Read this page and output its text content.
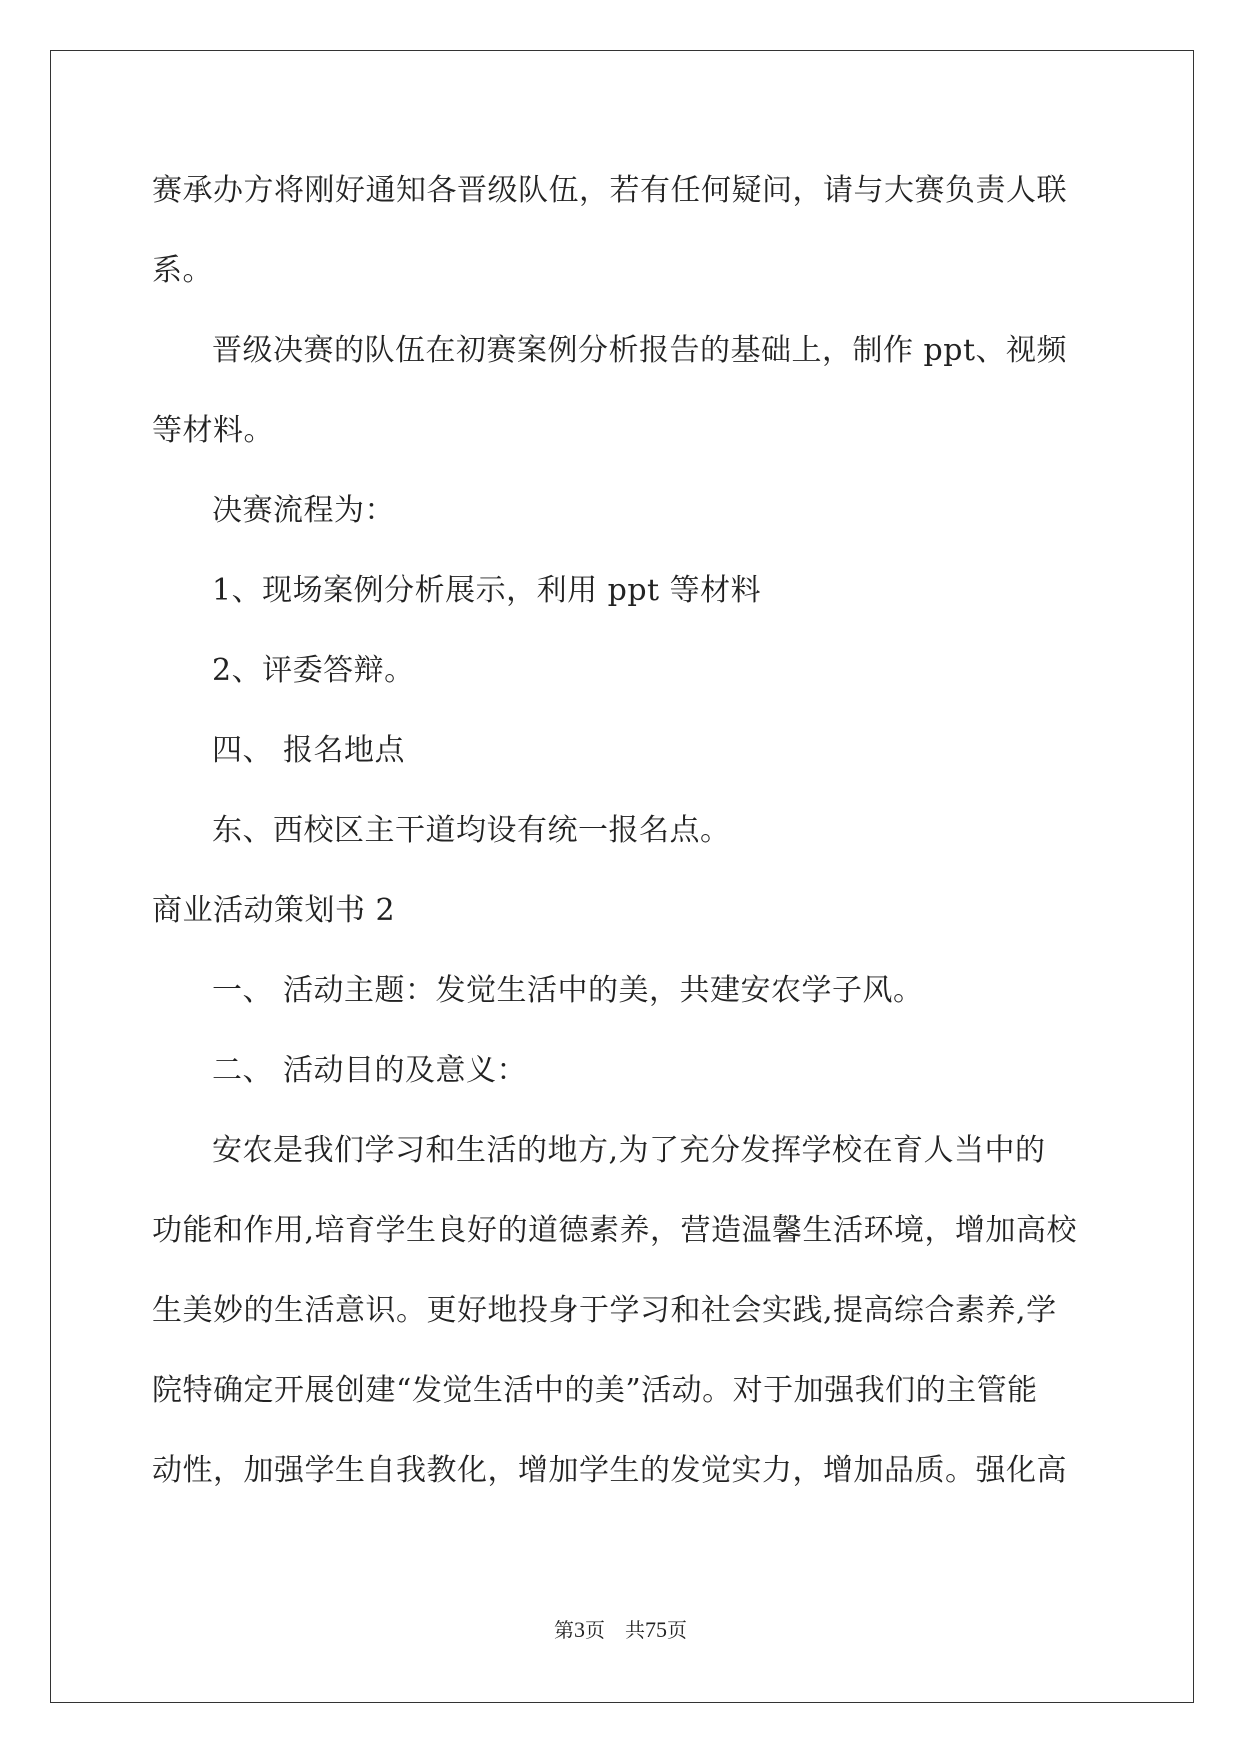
赛承办方将刚好通知各晋级队伍，若有任何疑问，请与大赛负责人联
系。
晋级决赛的队伍在初赛案例分析报告的基础上，制作 ppt、视频
等材料。
决赛流程为：
1、现场案例分析展示，利用 ppt 等材料
2、评委答辩。
四、 报名地点
东、西校区主干道均设有统一报名点。
商业活动策划书 2
一、 活动主题：发觉生活中的美，共建安农学子风。
二、 活动目的及意义：
安农是我们学习和生活的地方,为了充分发挥学校在育人当中的
功能和作用,培育学生良好的道德素养，营造温馨生活环境，增加高校
生美妙的生活意识。更好地投身于学习和社会实践,提高综合素养,学
院特确定开展创建“发觉生活中的美”活动。对于加强我们的主管能
动性，加强学生自我教化，增加学生的发觉实力，增加品质。强化高
第3页 共75页
